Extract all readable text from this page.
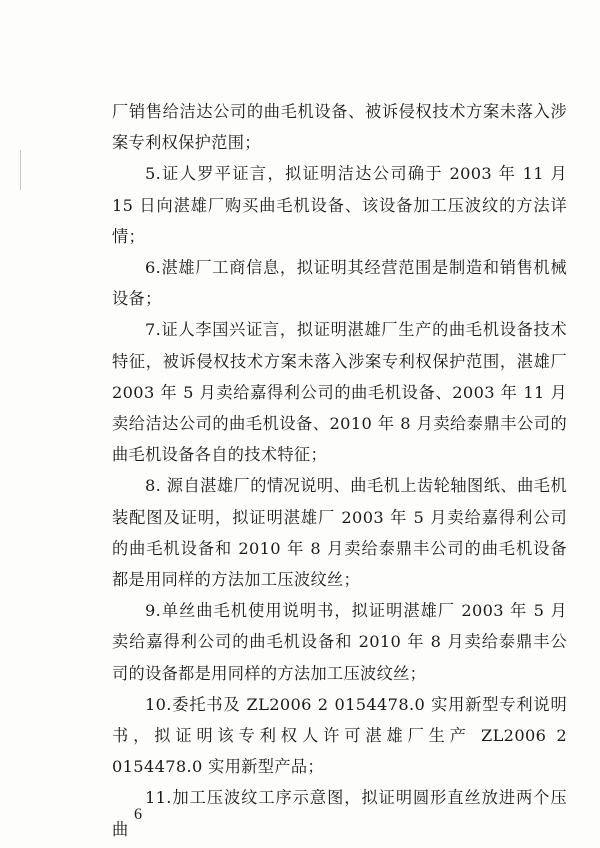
厂销售给洁达公司的曲毛机设备、被诉侵权技术方案未落入涉案专利权保护范围；

5.证人罗平证言，拟证明洁达公司确于 2003 年 11 月 15 日向湛雄厂购买曲毛机设备、该设备加工压波纹的方法详情；

6.湛雄厂工商信息，拟证明其经营范围是制造和销售机械设备；

7.证人李国兴证言，拟证明湛雄厂生产的曲毛机设备技术特征，被诉侵权技术方案未落入涉案专利权保护范围，湛雄厂 2003 年 5 月卖给嘉得利公司的曲毛机设备、2003 年 11 月卖给洁达公司的曲毛机设备、2010 年 8 月卖给泰鼎丰公司的曲毛机设备各自的技术特征；

8. 源自湛雄厂的情况说明、曲毛机上齿轮轴图纸、曲毛机装配图及证明，拟证明湛雄厂 2003 年 5 月卖给嘉得利公司的曲毛机设备和 2010 年 8 月卖给泰鼎丰公司的曲毛机设备都是用同样的方法加工压波纹丝；

9.单丝曲毛机使用说明书，拟证明湛雄厂 2003 年 5 月卖给嘉得利公司的曲毛机设备和 2010 年 8 月卖给泰鼎丰公司的设备都是用同样的方法加工压波纹丝；

10.委托书及 ZL2006 2 0154478.0 实用新型专利说明书，拟证明该专利权人许可湛雄厂生产 ZL2006 2 0154478.0 实用新型产品；

11.加工压波纹工序示意图，拟证明圆形直丝放进两个压曲

6
